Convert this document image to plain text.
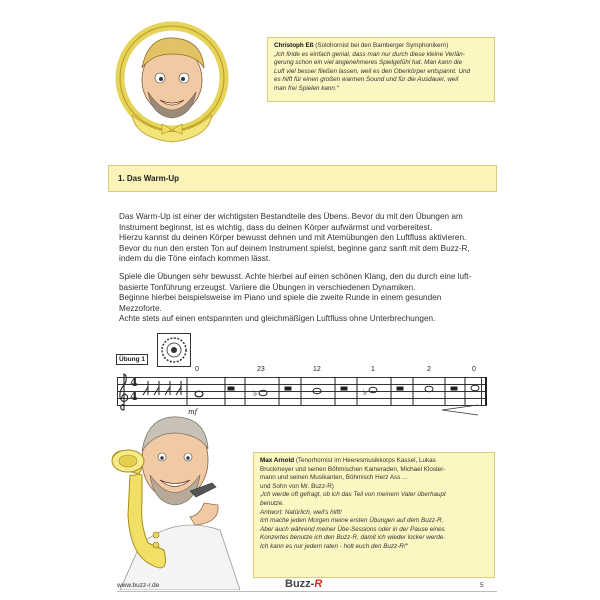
Christoph Eß (Solohornist bei den Bamberger Symphonikern)
„Ich finde es einfach genial, dass man nur durch diese kleine Verlän-
gerung schon ein viel angenehmeres Spielgefühl hat. Man kann die
Luft viel besser fließen lassen, weil es den Oberkörper entspannt. Und
es hilft für einen großen warmen Sound und für die Ausdauer, weil
man frei Spielen kann.“
1. Das Warm-Up

Das Warm-Up ist einer der wichtigsten Bestandteile des Übens. Bevor du mit den Übungen am
Instrument beginnst, ist es wichtig, dass du deinen Körper aufwärmst und vorbereitest.
Hierzu kannst du deinen Körper bewusst dehnen und mit Atemübungen den Luftfluss aktivieren.
Bevor du nun den ersten Ton auf deinem Instrument spielst, beginne ganz sanft mit dem Buzz-R,
indem du die Töne einfach kommen lässt.

Spiele die Übungen sehr bewusst. Achte hierbei auf einen schönen Klang, den du durch eine luft-
basierte Tonführung erzeugst. Variiere die Übungen in verschiedenen Dynamiken.
Beginne hierbei beispielsweise im Piano und spiele die zweite Runde in einem gesunden
Mezzoforte.
Achte stets auf einen entspannten und gleichmäßigen Luftfluss ohne Unterbrechungen.

Übung 1
4
4	♭	♭
0	23	12	1	2	0
mf
Max Arnold (Tenorhornist im Heeresmusikkorps Kassel, Lukas
Bruckmeyer und seinen Böhmischen Kameraden, Michael Kloster-
mann und seinen Musikanten, Böhmisch Herz Ass ...
und Sohn von Mr. Buzz-R)
„Ich werde oft gefragt, ob ich das Teil von meinem Vater überhaupt
benutze.
Antwort: Natürlich, weil's hilft!
Ich mache jeden Morgen meine ersten Übungen auf dem Buzz-R.
Aber auch während meiner Übe-Sessions oder in der Pause eines
Konzertes benutze ich den Buzz-R, damit ich wieder locker werde.
Ich kann es nur jedem raten - holt euch den Buzz-R!“
www.buzz-r.de	Buzz-R	5
